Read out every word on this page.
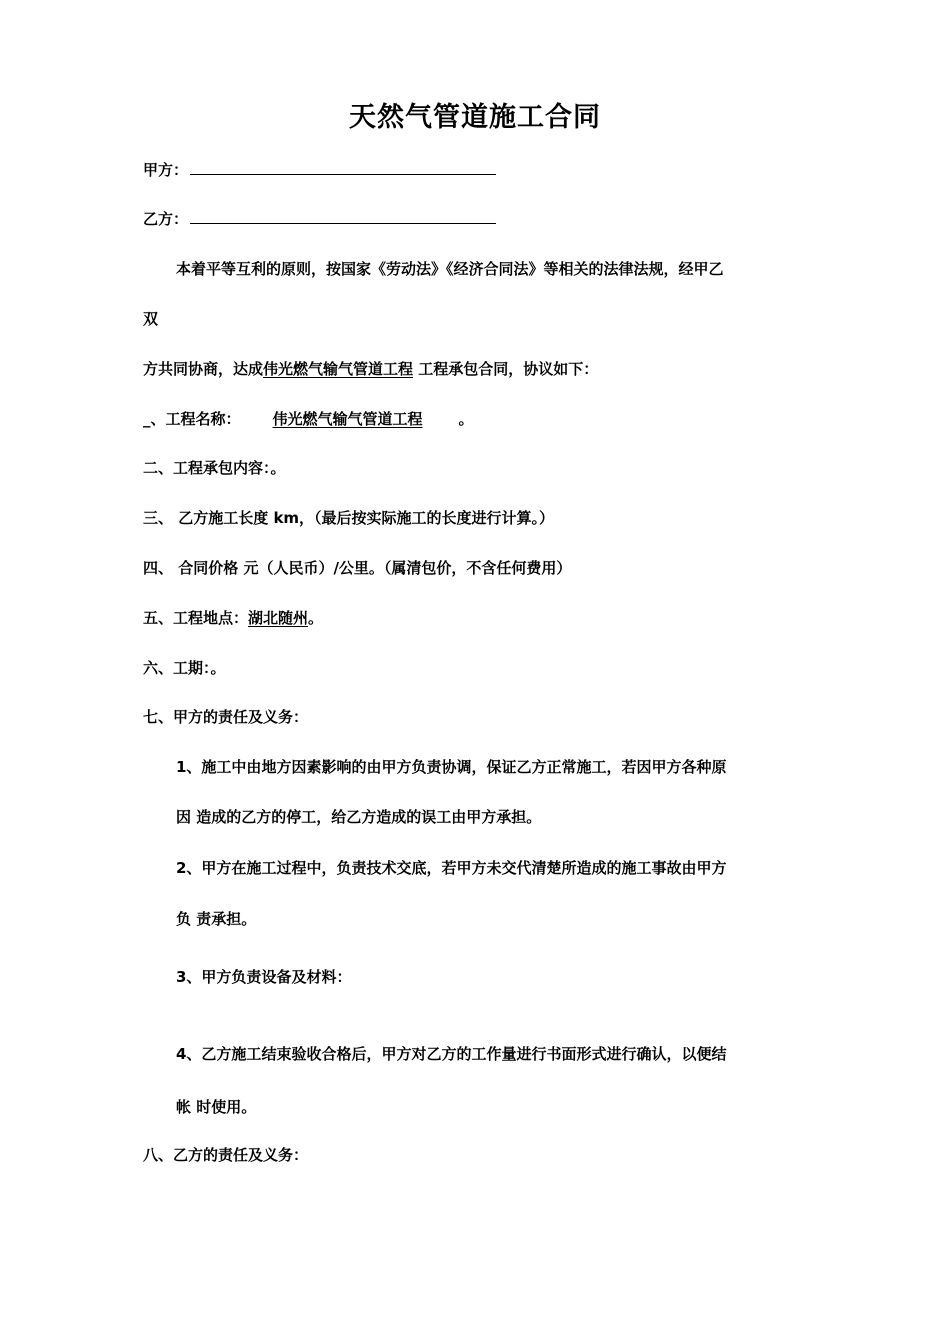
天然气管道施工合同
甲方：
乙方：
本着平等互利的原则，按国家《劳动法》《经济合同法》等相关的法律法规，经甲乙
双
方共同协商，达成伟光燃气输气管道工程 工程承包合同，协议如下：
_、工程名称： 伟光燃气输气管道工程 。
二、工程承包内容：。
三、 乙方施工长度 km，（最后按实际施工的长度进行计算。）
四、 合同价格 元（人民币）/公里。（属清包价，不含任何费用）
五、工程地点：湖北随州。
六、工期：。
七、甲方的责任及义务：
1、施工中由地方因素影响的由甲方负责协调，保证乙方正常施工，若因甲方各种原
因 造成的乙方的停工，给乙方造成的误工由甲方承担。
2、甲方在施工过程中，负责技术交底，若甲方未交代清楚所造成的施工事故由甲方
负 责承担。
3、甲方负责设备及材料：
4、乙方施工结束验收合格后，甲方对乙方的工作量进行书面形式进行确认，以便结
帐 时使用。
八、乙方的责任及义务：
